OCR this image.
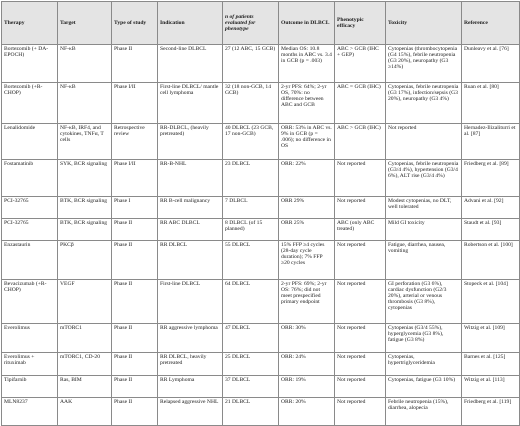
Therapy	Target	Type of study	Indication	n of patients evaluated for phenotype	Outcome in DLBCL	Phenotypic efficacy	Toxicity	Reference
Bortezomib (+ DA-EPOCH)	NF-κB	Phase II	Second-line DLBCL	27 (12 ABC, 15 GCB)	Median OS: 10.8 months in ABC vs. 3.4 in GCB (p = .003)	ABC > GCB (IHC + GEP)	Cytopenias (thrombocytopenia (G4 15%), febrile neutropenia (G3 20%), neuropathy (G3 ≥14%)	Dunleavy et al. [76]
Bortezomib (+R-CHOP)	NF-κB	Phase I/II	First-line DLBCL/ mantle cell lymphoma	32 (18 non-GCB, 14 GCB)	2-yr PFS: 64%; 2-yr OS, 70%: no difference between ABC and GCB	ABC = GCB (IHC)	Cytopenias, febrile neutropenia (G3 17%), infection/sepsis (G3 20%), neuropathy (G3 4%)	Ruan et al. [80]
Lenalidomide	NF-κB, IRF4, and cytokines, TNFα, T cells	Retrospective review	RR-DLBCL, (heavily pretreated)	40 DLBCL (23 GCB, 17 non-GCB)	ORR: 53% in ABC vs. 9% in GCB (p = .006); no difference in OS	ABC > GCB (IHC)	Not reported	Hernadez-Ilizaliturri et al. [87]
Fostamatinib	SYK, BCR signaling	Phase I/II	RR-B-NHL	23 DLBCL	ORR: 22%	Not reported	Cytopenias, febrile neutropenia (G3/4 4%), hypertension (G3/4 6%), ALT rise (G3/4 4%)	Friedberg et al. [89]
PCI-32765	BTK, BCR signaling	Phase I	RR B-cell malignancy	7 DLBCL	ORR 29%	Not reported	Modest cytopenias, no DLT, well tolerated	Advani et al. [92]
PCI-32765	BTK, BCR signaling	Phase II	RR ABC DLBCL	8 DLBCL (of 15 planned)	ORR 25%	ABC (only ABC treated)	Mild GI toxicity	Staudt et al. [93]
Enzastaurin	PKCβ	Phase II	RR DLBCL	55 DLBCL	15% FFP ≥4 cycles (28-day cycle duration); 7% FFP ≥20 cycles	Not reported	Fatigue, diarrhea, nausea, vomiting	Robertson et al. [100]
Bevacizumab (+R-CHOP)	VEGF	Phase II	First-line DLBCL	64 DLBCL	2-yr PFS: 69%; 2-yr OS: 76%; did not meet prespecified primary endpoint	Not reported	GI perforation (G3 6%), cardiac dysfunction (G2/3 20%), arterial or venous thrombosis (G3 8%), cytopenias	Stopeck et al. [104]
Everolimus	mTORC1	Phase II	RR aggressive lymphoma	47 DLBCL	ORR: 30%	Not reported	Cytopenias (G3/4 55%), hyperglycemia (G3 8%), fatigue (G3 8%)	Witzig et al. [109]
Everolimus + rituximab	mTORC1, CD-20	Phase II	RR DLBCL, heavily pretreated	25 DLBCL	ORR: 24%	Not reported	Cytopenias, hypertriglyceridemia	Barnes et al. [125]
Tipifarnib	Ras, BIM	Phase II	RR Lymphoma	37 DLBCL	ORR: 19%	Not reported	Cytopenias, fatigue (G3 10%)	Witzig et al. [113]
MLN8237	AAK	Phase II	Relapsed aggressive NHL	21 DLBCL	ORR: 20%	Not reported	Febrile neutropenia (15%), diarrhea, alopecia	Friedberg et al. [119]
